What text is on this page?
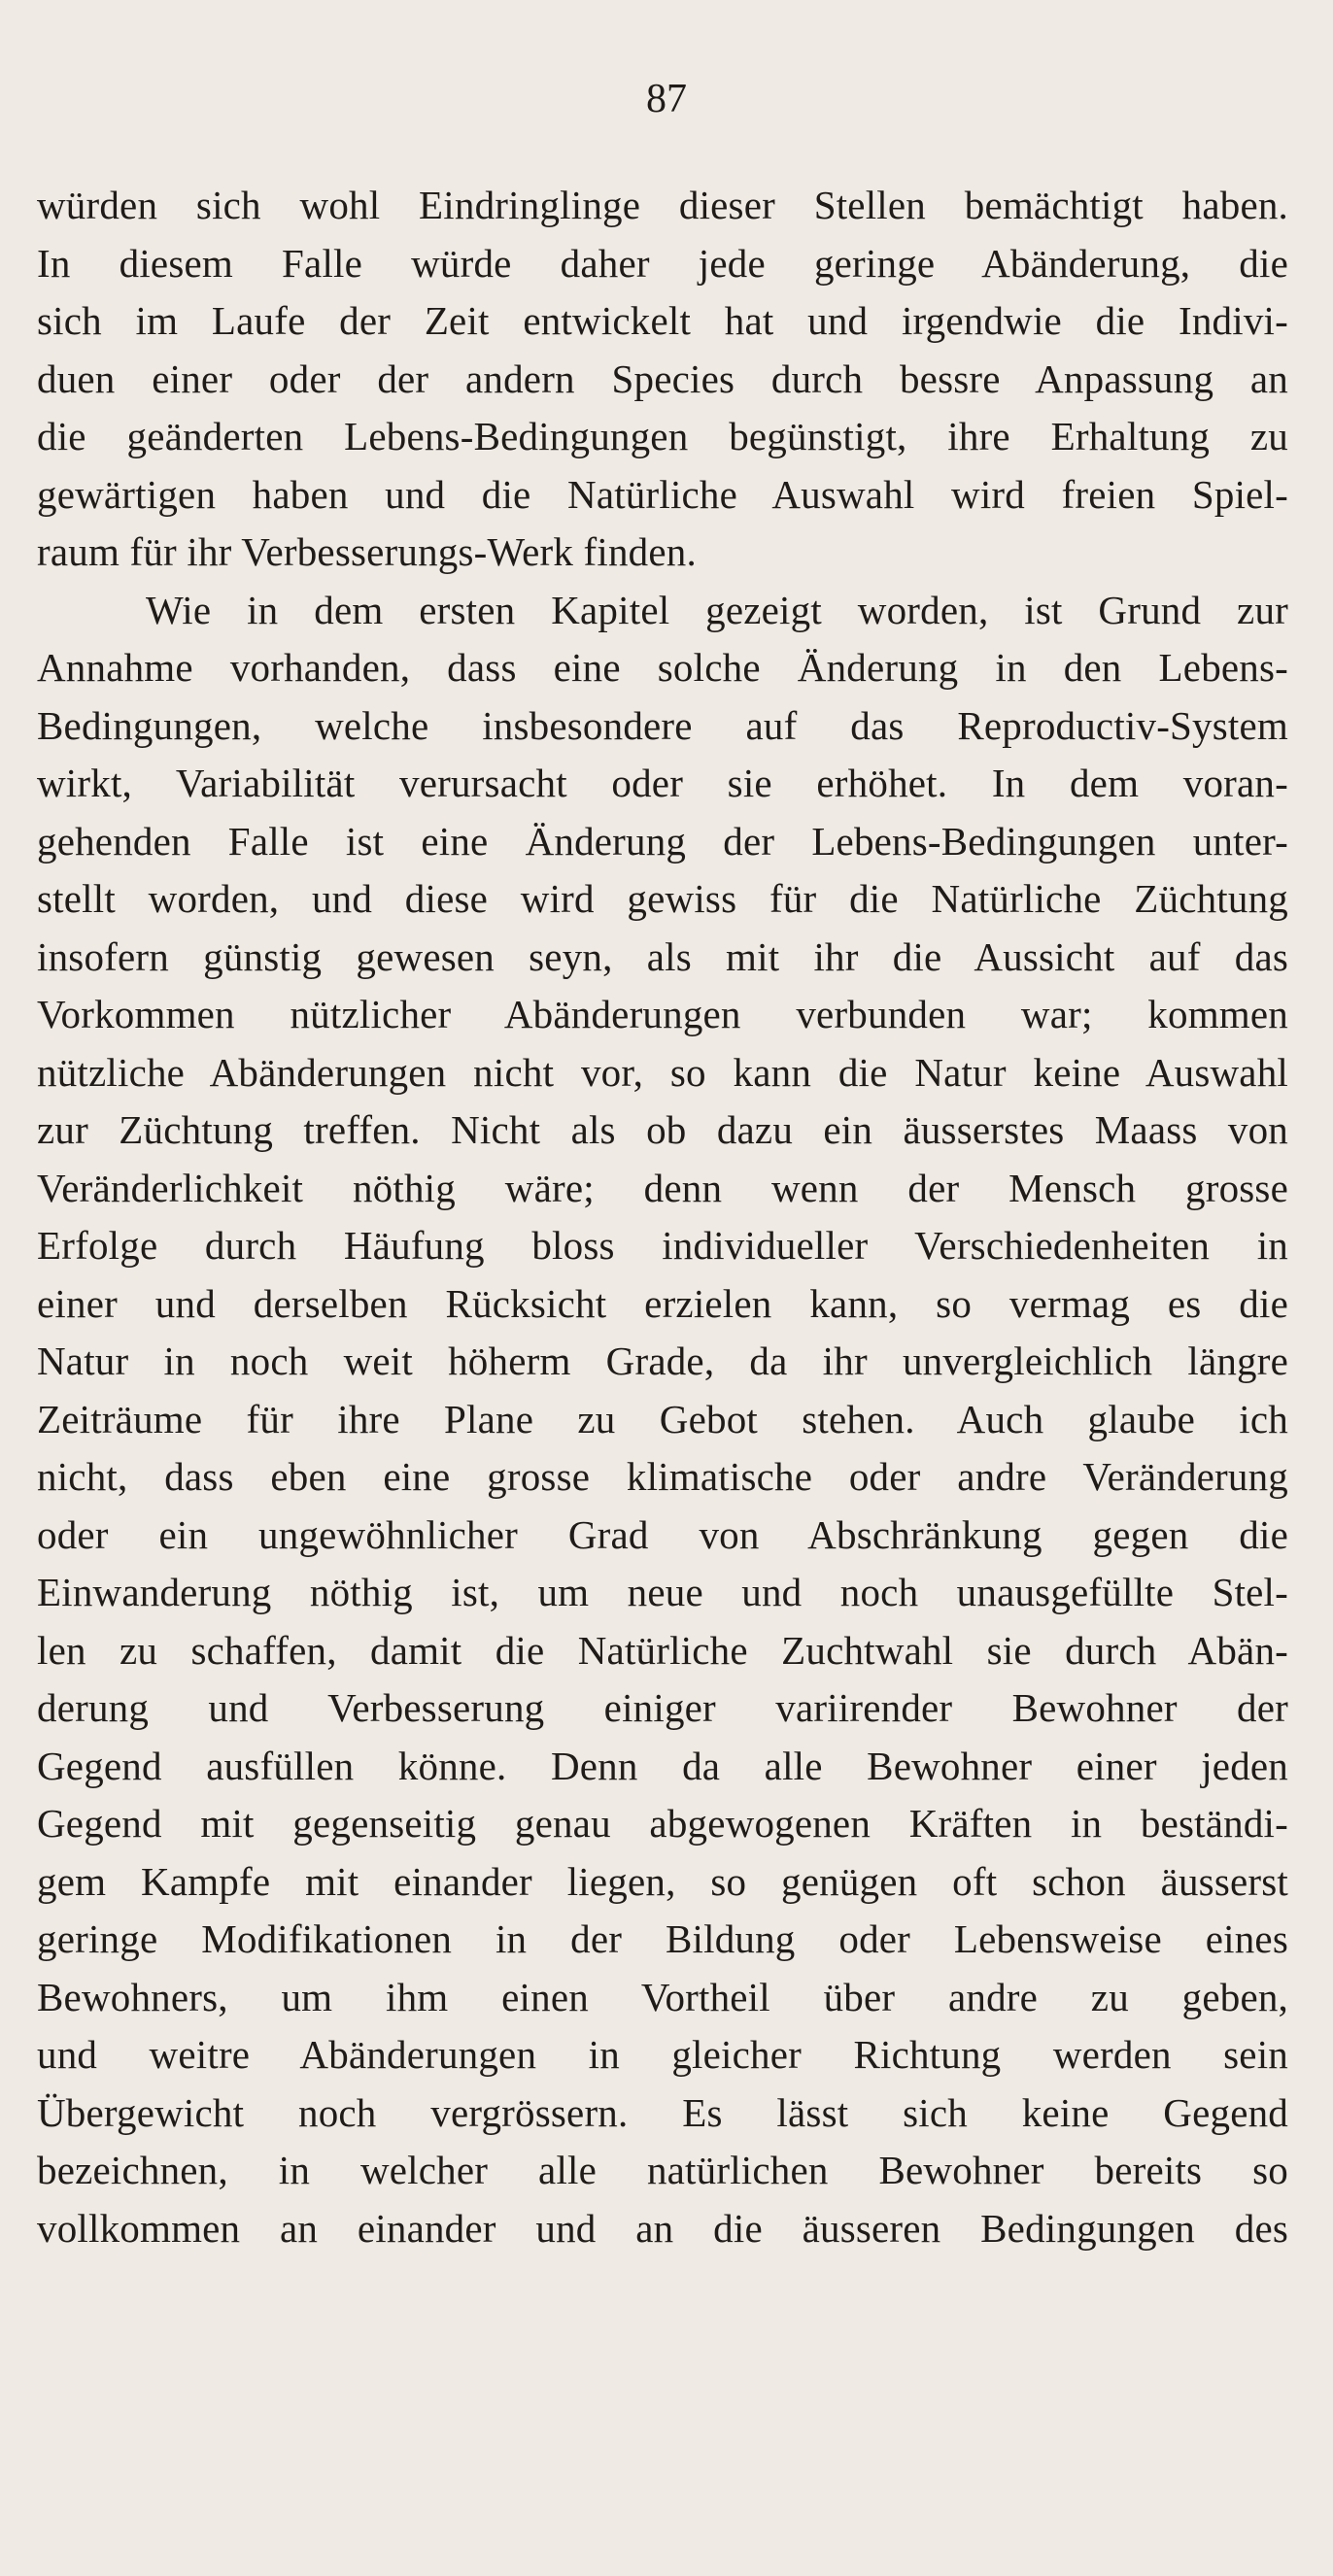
87
würden sich wohl Eindringlinge dieser Stellen bemächtigt haben.
In diesem Falle würde daher jede geringe Abänderung, die
sich im Laufe der Zeit entwickelt hat und irgendwie die Indivi-
duen einer oder der andern Species durch bessre Anpassung an
die geänderten Lebens-Bedingungen begünstigt, ihre Erhaltung zu
gewärtigen haben und die Natürliche Auswahl wird freien Spiel-
raum für ihr Verbesserungs-Werk finden.
Wie in dem ersten Kapitel gezeigt worden, ist Grund zur
Annahme vorhanden, dass eine solche Änderung in den Lebens-
Bedingungen, welche insbesondere auf das Reproductiv-System
wirkt, Variabilität verursacht oder sie erhöhet. In dem voran-
gehenden Falle ist eine Änderung der Lebens-Bedingungen unter-
stellt worden, und diese wird gewiss für die Natürliche Züchtung
insofern günstig gewesen seyn, als mit ihr die Aussicht auf das
Vorkommen nützlicher Abänderungen verbunden war; kommen
nützliche Abänderungen nicht vor, so kann die Natur keine Auswahl
zur Züchtung treffen. Nicht als ob dazu ein äusserstes Maass von
Veränderlichkeit nöthig wäre; denn wenn der Mensch grosse
Erfolge durch Häufung bloss individueller Verschiedenheiten in
einer und derselben Rücksicht erzielen kann, so vermag es die
Natur in noch weit höherm Grade, da ihr unvergleichlich längre
Zeiträume für ihre Plane zu Gebot stehen. Auch glaube ich
nicht, dass eben eine grosse klimatische oder andre Veränderung
oder ein ungewöhnlicher Grad von Abschränkung gegen die
Einwanderung nöthig ist, um neue und noch unausgefüllte Stel-
len zu schaffen, damit die Natürliche Zuchtwahl sie durch Abän-
derung und Verbesserung einiger variirender Bewohner der
Gegend ausfüllen könne. Denn da alle Bewohner einer jeden
Gegend mit gegenseitig genau abgewogenen Kräften in beständi-
gem Kampfe mit einander liegen, so genügen oft schon äusserst
geringe Modifikationen in der Bildung oder Lebensweise eines
Bewohners, um ihm einen Vortheil über andre zu geben,
und weitre Abänderungen in gleicher Richtung werden sein
Übergewicht noch vergrössern. Es lässt sich keine Gegend
bezeichnen, in welcher alle natürlichen Bewohner bereits so
vollkommen an einander und an die äusseren Bedingungen des
